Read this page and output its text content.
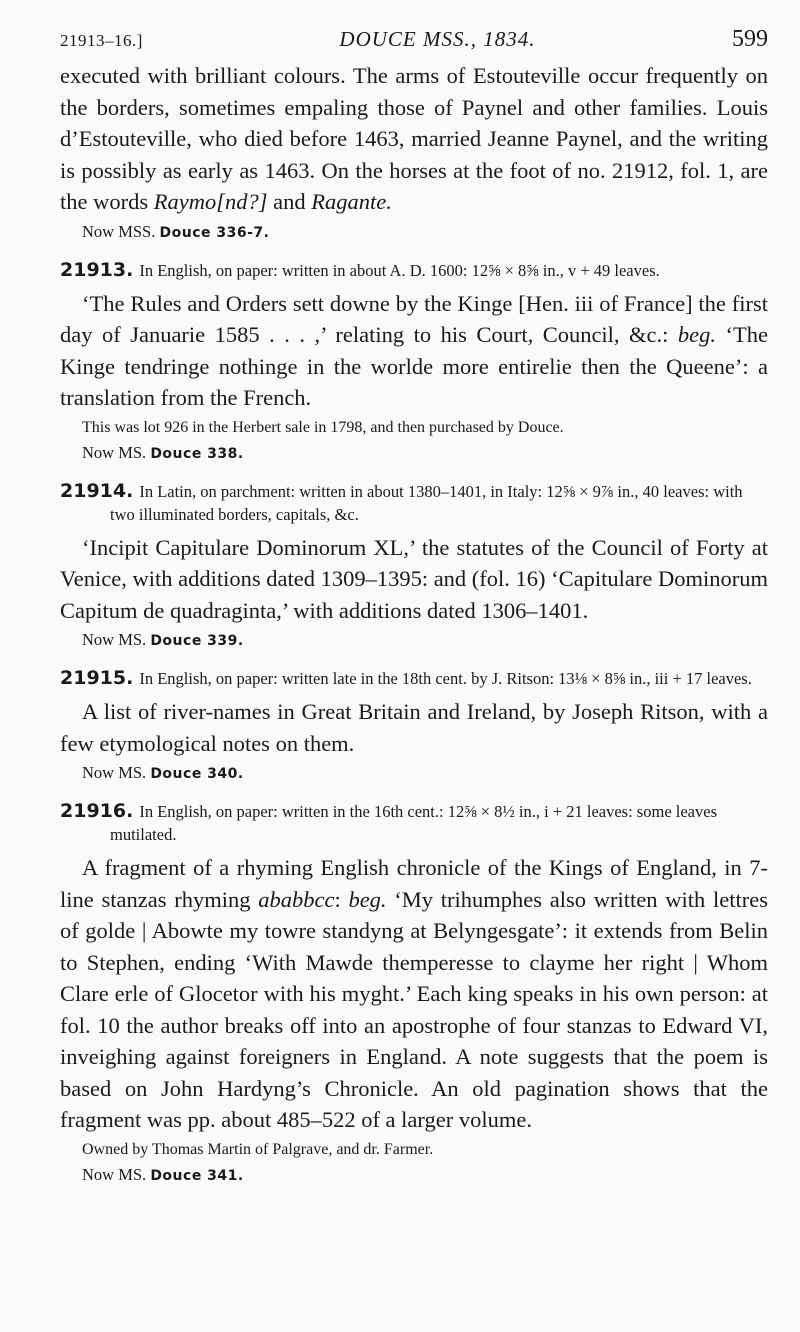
21913–16.]	DOUCE MSS., 1834.	599

executed with brilliant colours. The arms of Estouteville occur frequently on the borders, sometimes empaling those of Paynel and other families. Louis d’Estouteville, who died before 1463, married Jeanne Paynel, and the writing is possibly as early as 1463. On the horses at the foot of no. 21912, fol. 1, are the words Raymo[nd?] and Ragante.

Now MSS. Douce 336-7.
21913. In English, on paper: written in about A. D. 1600: 12⅝ × 8⅝ in., v + 49 leaves.

‘The Rules and Orders sett downe by the Kinge [Hen. iii of France] the first day of Januarie 1585 . . . ,’ relating to his Court, Council, &c.: beg. ‘The Kinge tendringe nothinge in the worlde more entirelie then the Queene’: a translation from the French.

This was lot 926 in the Herbert sale in 1798, and then purchased by Douce.
Now MS. Douce 338.
21914. In Latin, on parchment: written in about 1380–1401, in Italy: 12⅝ × 9⅞ in., 40 leaves: with two illuminated borders, capitals, &c.

‘Incipit Capitulare Dominorum XL,’ the statutes of the Council of Forty at Venice, with additions dated 1309–1395: and (fol. 16) ‘Capitulare Dominorum Capitum de quadraginta,’ with additions dated 1306–1401.

Now MS. Douce 339.
21915. In English, on paper: written late in the 18th cent. by J. Ritson: 13⅛ × 8⅝ in., iii + 17 leaves.

A list of river-names in Great Britain and Ireland, by Joseph Ritson, with a few etymological notes on them.

Now MS. Douce 340.
21916. In English, on paper: written in the 16th cent.: 12⅝ × 8½ in., i + 21 leaves: some leaves mutilated.

A fragment of a rhyming English chronicle of the Kings of England, in 7-line stanzas rhyming ababbcc: beg. ‘My trihumphes also written with lettres of golde | Abowte my towre standyng at Belyngesgate’: it extends from Belin to Stephen, ending ‘With Mawde themperesse to clayme her right | Whom Clare erle of Glocetor with his myght.’ Each king speaks in his own person: at fol. 10 the author breaks off into an apostrophe of four stanzas to Edward VI, inveighing against foreigners in England. A note suggests that the poem is based on John Hardyng’s Chronicle. An old pagination shows that the fragment was pp. about 485–522 of a larger volume.

Owned by Thomas Martin of Palgrave, and dr. Farmer.
Now MS. Douce 341.
